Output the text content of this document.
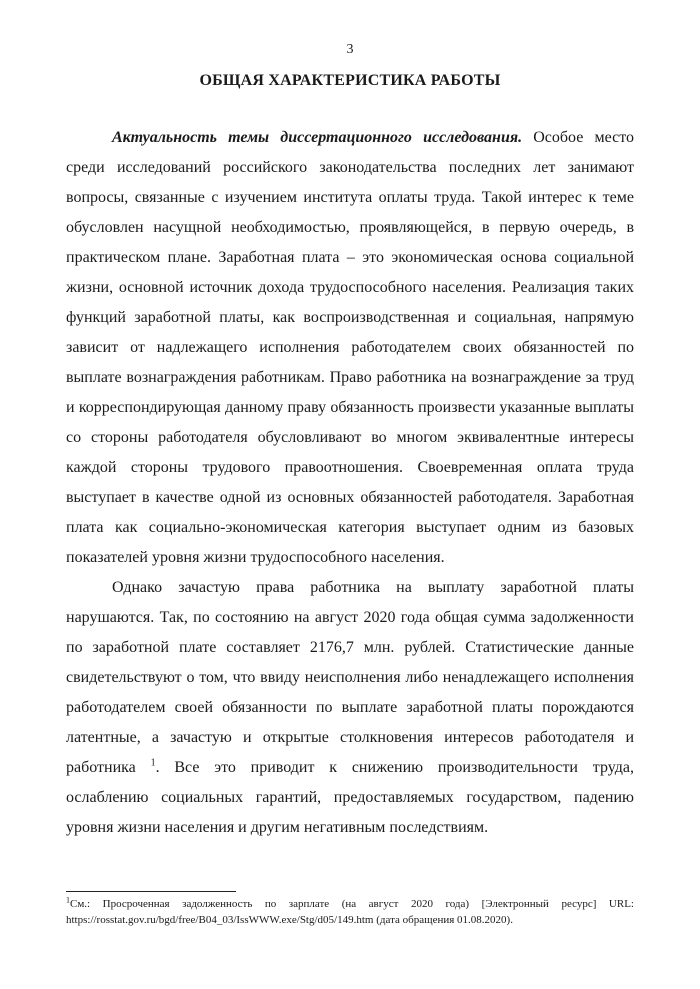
3
ОБЩАЯ ХАРАКТЕРИСТИКА РАБОТЫ

Актуальность темы диссертационного исследования. Особое место среди исследований российского законодательства последних лет занимают вопросы, связанные с изучением института оплаты труда. Такой интерес к теме обусловлен насущной необходимостью, проявляющейся, в первую очередь, в практическом плане. Заработная плата – это экономическая основа социальной жизни, основной источник дохода трудоспособного населения. Реализация таких функций заработной платы, как воспроизводственная и социальная, напрямую зависит от надлежащего исполнения работодателем своих обязанностей по выплате вознаграждения работникам. Право работника на вознаграждение за труд и корреспондирующая данному праву обязанность произвести указанные выплаты со стороны работодателя обусловливают во многом эквивалентные интересы каждой стороны трудового правоотношения. Своевременная оплата труда выступает в качестве одной из основных обязанностей работодателя. Заработная плата как социально-экономическая категория выступает одним из базовых показателей уровня жизни трудоспособного населения.

Однако зачастую права работника на выплату заработной платы нарушаются. Так, по состоянию на август 2020 года общая сумма задолженности по заработной плате составляет 2176,7 млн. рублей. Статистические данные свидетельствуют о том, что ввиду неисполнения либо ненадлежащего исполнения работодателем своей обязанности по выплате заработной платы порождаются латентные, а зачастую и открытые столкновения интересов работодателя и работника $^1$. Все это приводит к снижению производительности труда, ослаблению социальных гарантий, предоставляемых государством, падению уровня жизни населения и другим негативным последствиям.

$^1$См.: Просроченная задолженность по зарплате (на август 2020 года) [Электронный ресурс] URL: https://rosstat.gov.ru/bgd/free/B04_03/IssWWW.exe/Stg/d05/149.htm (дата обращения 01.08.2020).
